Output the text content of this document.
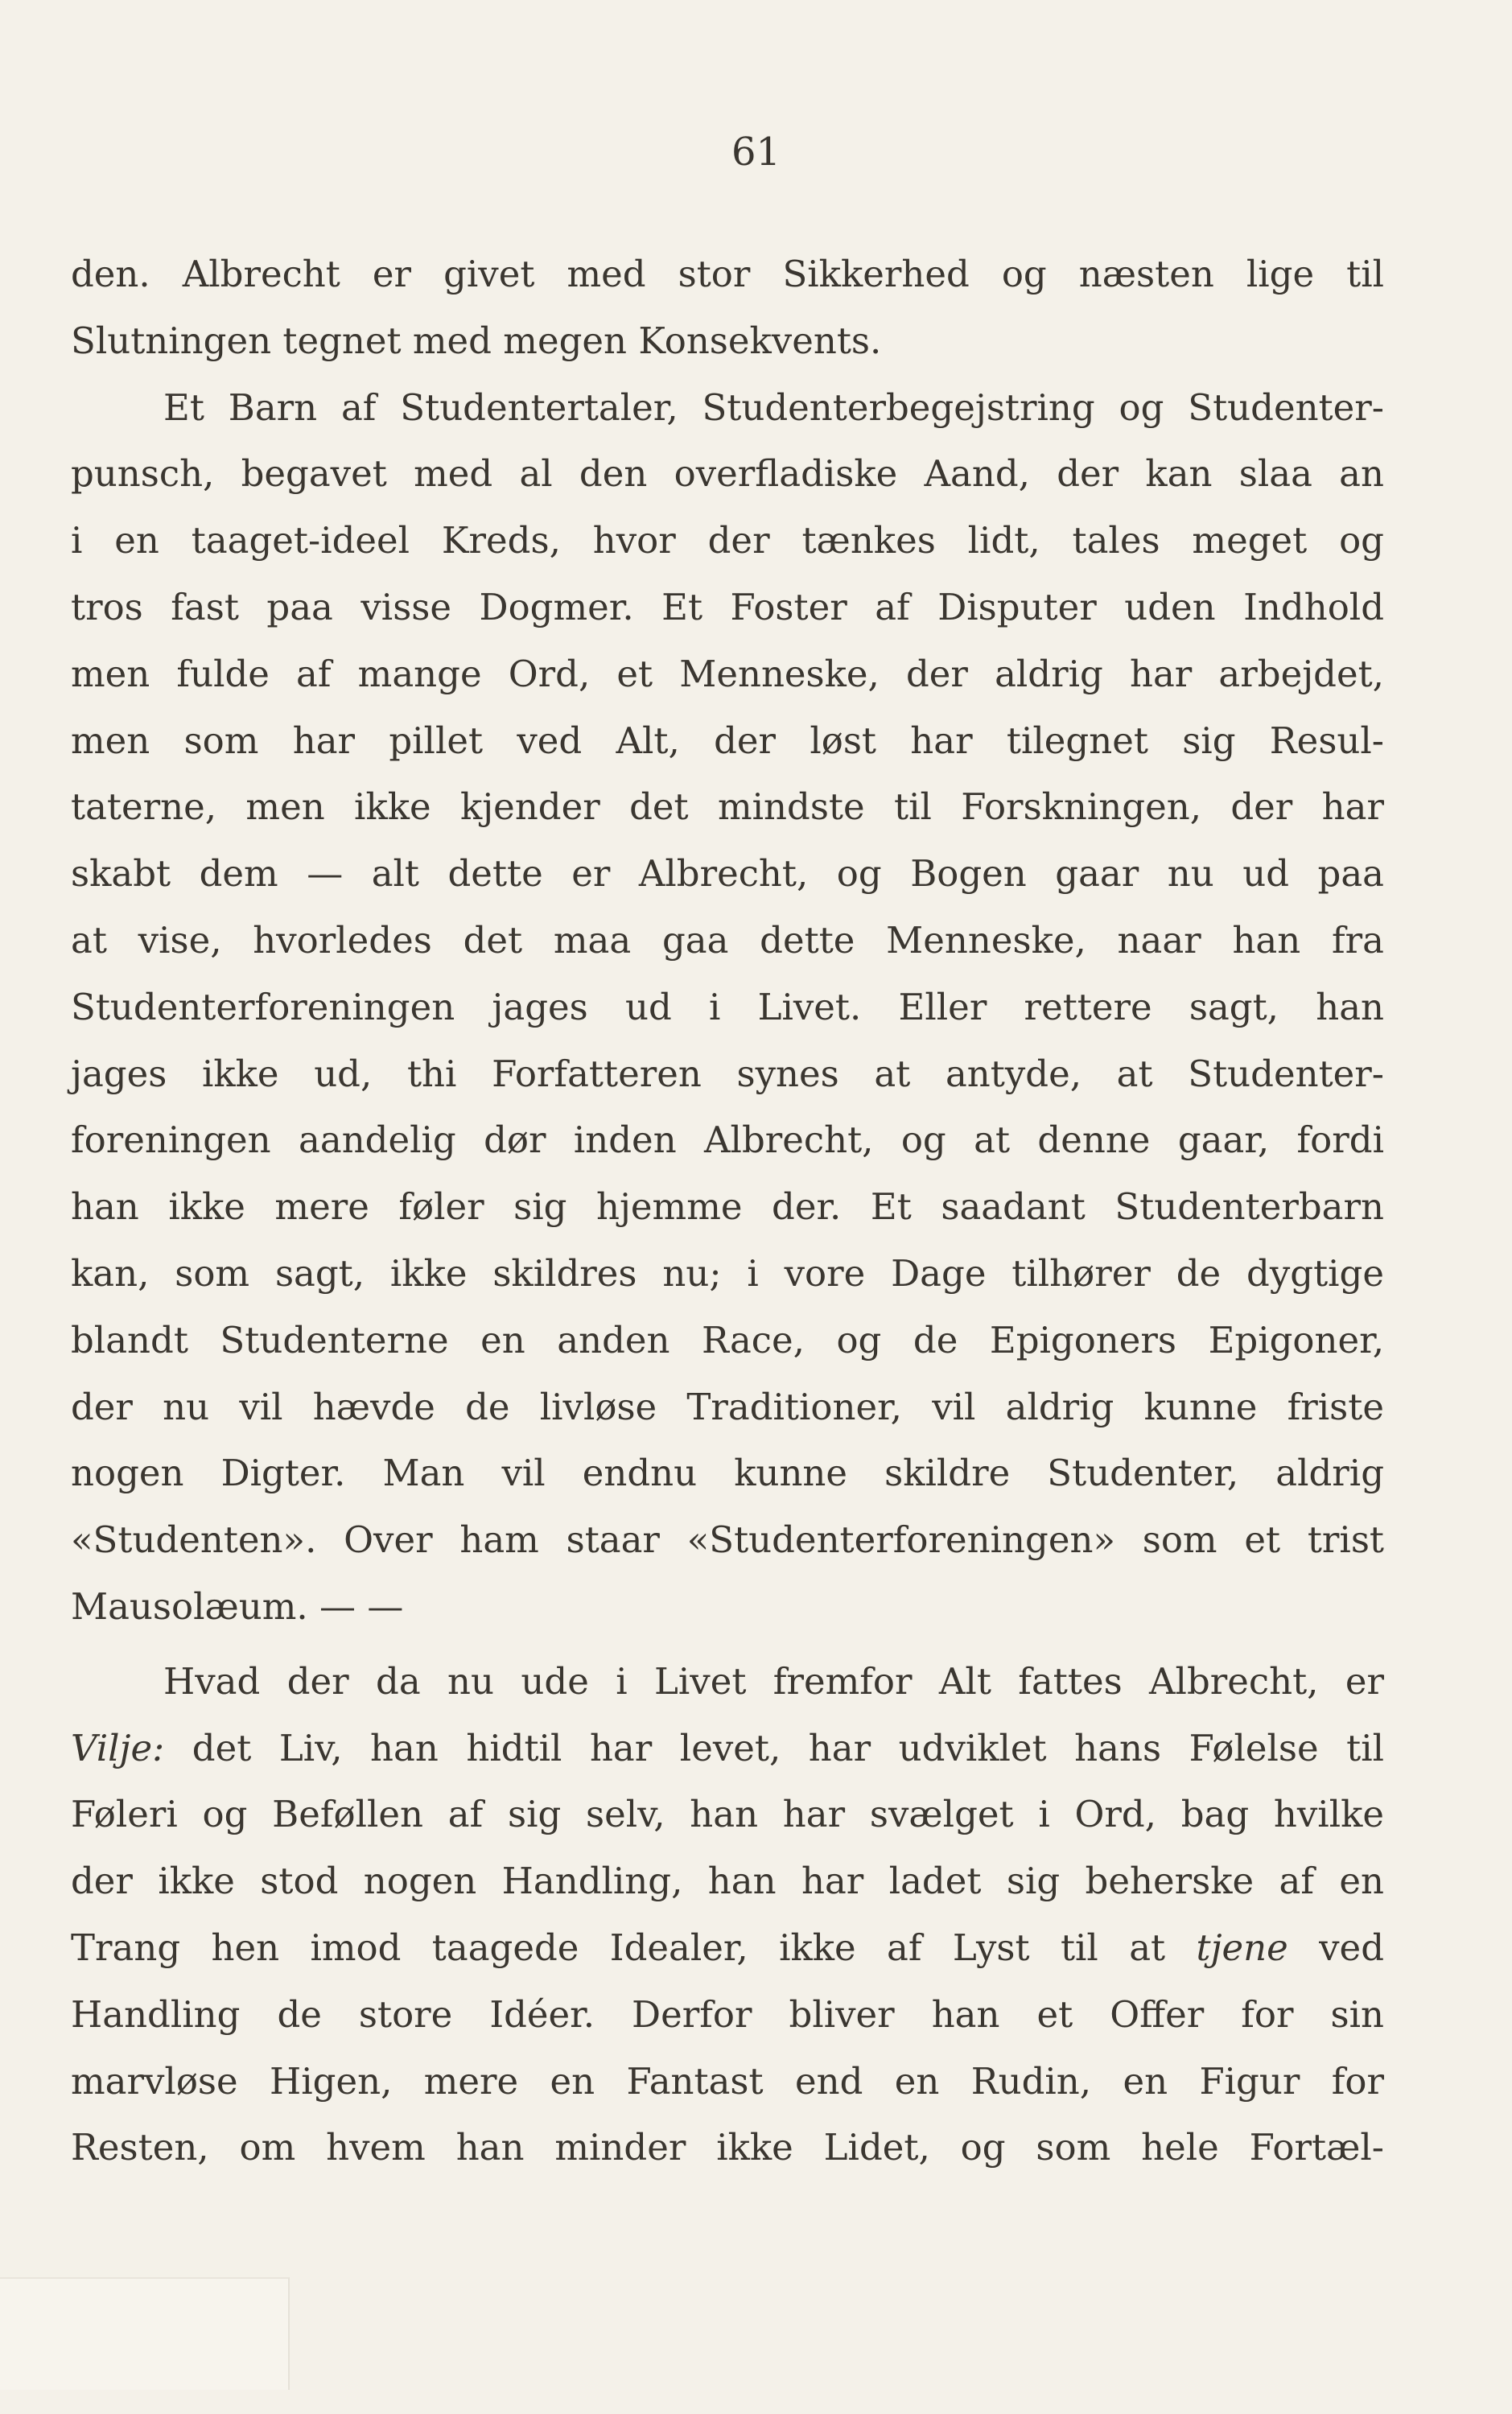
61
den. Albrecht er givet med stor Sikkerhed og næsten lige til
Slutningen tegnet med megen Konsekvents.
Et Barn af Studentertaler, Studenterbegejstring og Studenter-
punsch, begavet med al den overfladiske Aand, der kan slaa an
i en taaget-ideel Kreds, hvor der tænkes lidt, tales meget og
tros fast paa visse Dogmer. Et Foster af Disputer uden Indhold
men fulde af mange Ord, et Menneske, der aldrig har arbejdet,
men som har pillet ved Alt, der løst har tilegnet sig Resul-
taterne, men ikke kjender det mindste til Forskningen, der har
skabt dem — alt dette er Albrecht, og Bogen gaar nu ud paa
at vise, hvorledes det maa gaa dette Menneske, naar han fra
Studenterforeningen jages ud i Livet. Eller rettere sagt, han
jages ikke ud, thi Forfatteren synes at antyde, at Studenter-
foreningen aandelig dør inden Albrecht, og at denne gaar, fordi
han ikke mere føler sig hjemme der. Et saadant Studenterbarn
kan, som sagt, ikke skildres nu; i vore Dage tilhører de dygtige
blandt Studenterne en anden Race, og de Epigoners Epigoner,
der nu vil hævde de livløse Traditioner, vil aldrig kunne friste
nogen Digter. Man vil endnu kunne skildre Studenter, aldrig
«Studenten». Over ham staar «Studenterforeningen» som et trist
Mausolæum. — —
Hvad der da nu ude i Livet fremfor Alt fattes Albrecht, er
Vilje: det Liv, han hidtil har levet, har udviklet hans Følelse til
Føleri og Beføllen af sig selv, han har svælget i Ord, bag hvilke
der ikke stod nogen Handling, han har ladet sig beherske af en
Trang hen imod taagede Idealer, ikke af Lyst til at tjene ved
Handling de store Idéer. Derfor bliver han et Offer for sin
marvløse Higen, mere en Fantast end en Rudin, en Figur for
Resten, om hvem han minder ikke Lidet, og som hele Fortæl-
